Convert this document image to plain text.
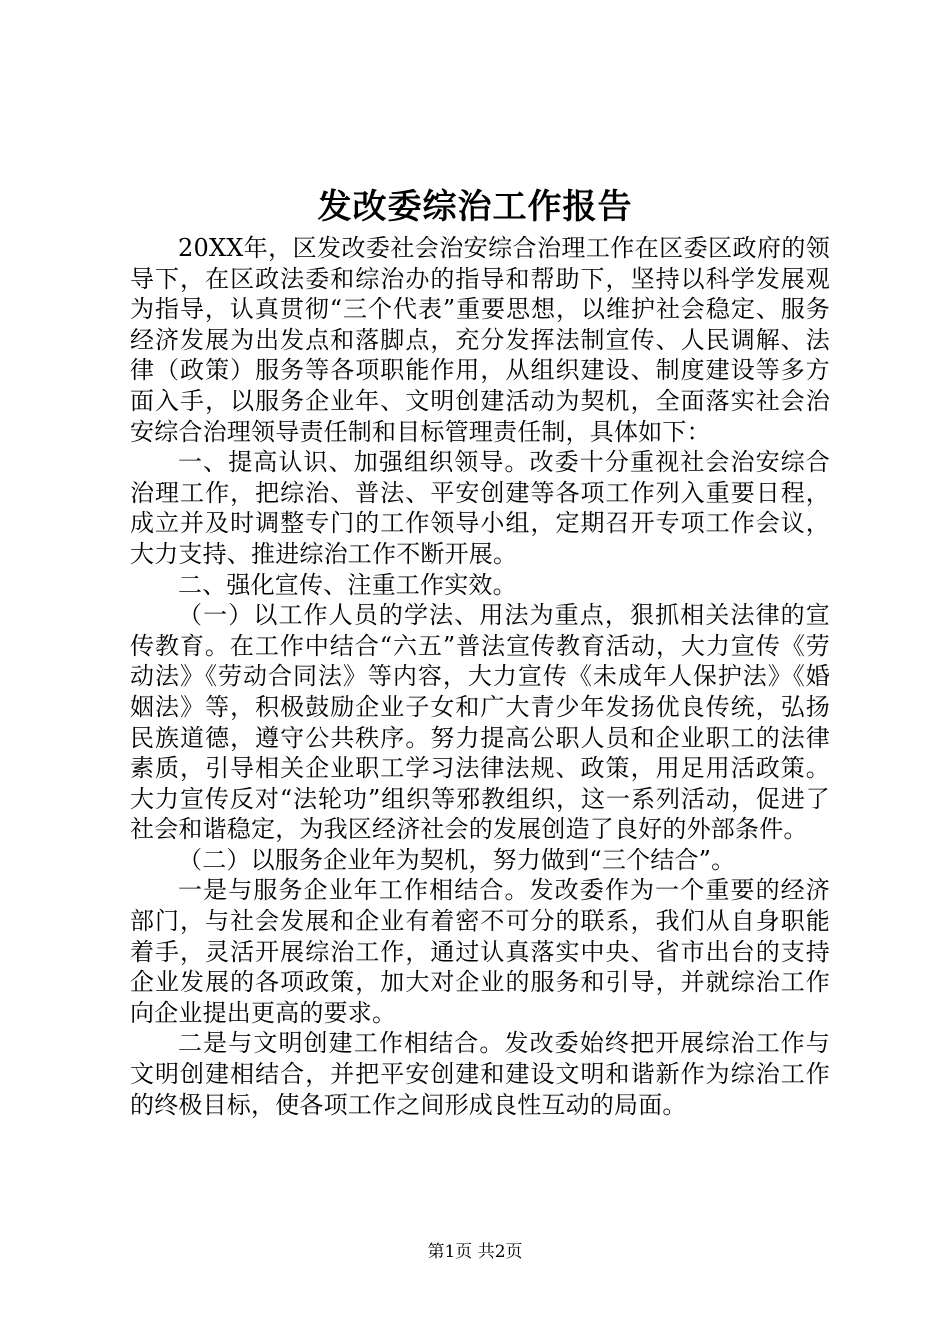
发改委综治工作报告

20XX年，区发改委社会治安综合治理工作在区委区政府的领导下，在区政法委和综治办的指导和帮助下，坚持以科学发展观为指导，认真贯彻“三个代表”重要思想，以维护社会稳定、服务经济发展为出发点和落脚点，充分发挥法制宣传、人民调解、法律（政策）服务等各项职能作用，从组织建设、制度建设等多方面入手，以服务企业年、文明创建活动为契机，全面落实社会治安综合治理领导责任制和目标管理责任制，具体如下：

一、提高认识、加强组织领导。改委十分重视社会治安综合治理工作，把综治、普法、平安创建等各项工作列入重要日程，成立并及时调整专门的工作领导小组，定期召开专项工作会议，大力支持、推进综治工作不断开展。

二、强化宣传、注重工作实效。

（一）以工作人员的学法、用法为重点，狠抓相关法律的宣传教育。在工作中结合“六五”普法宣传教育活动，大力宣传《劳动法》《劳动合同法》等内容，大力宣传《未成年人保护法》《婚姻法》等，积极鼓励企业子女和广大青少年发扬优良传统，弘扬民族道德，遵守公共秩序。努力提高公职人员和企业职工的法律素质，引导相关企业职工学习法律法规、政策，用足用活政策。大力宣传反对“法轮功”组织等邪教组织，这一系列活动，促进了社会和谐稳定，为我区经济社会的发展创造了良好的外部条件。

（二）以服务企业年为契机，努力做到“三个结合”。

一是与服务企业年工作相结合。发改委作为一个重要的经济部门，与社会发展和企业有着密不可分的联系，我们从自身职能着手，灵活开展综治工作，通过认真落实中央、省市出台的支持企业发展的各项政策，加大对企业的服务和引导，并就综治工作向企业提出更高的要求。

二是与文明创建工作相结合。发改委始终把开展综治工作与文明创建相结合，并把平安创建和建设文明和谐新作为综治工作的终极目标，使各项工作之间形成良性互动的局面。

第1页 共2页
